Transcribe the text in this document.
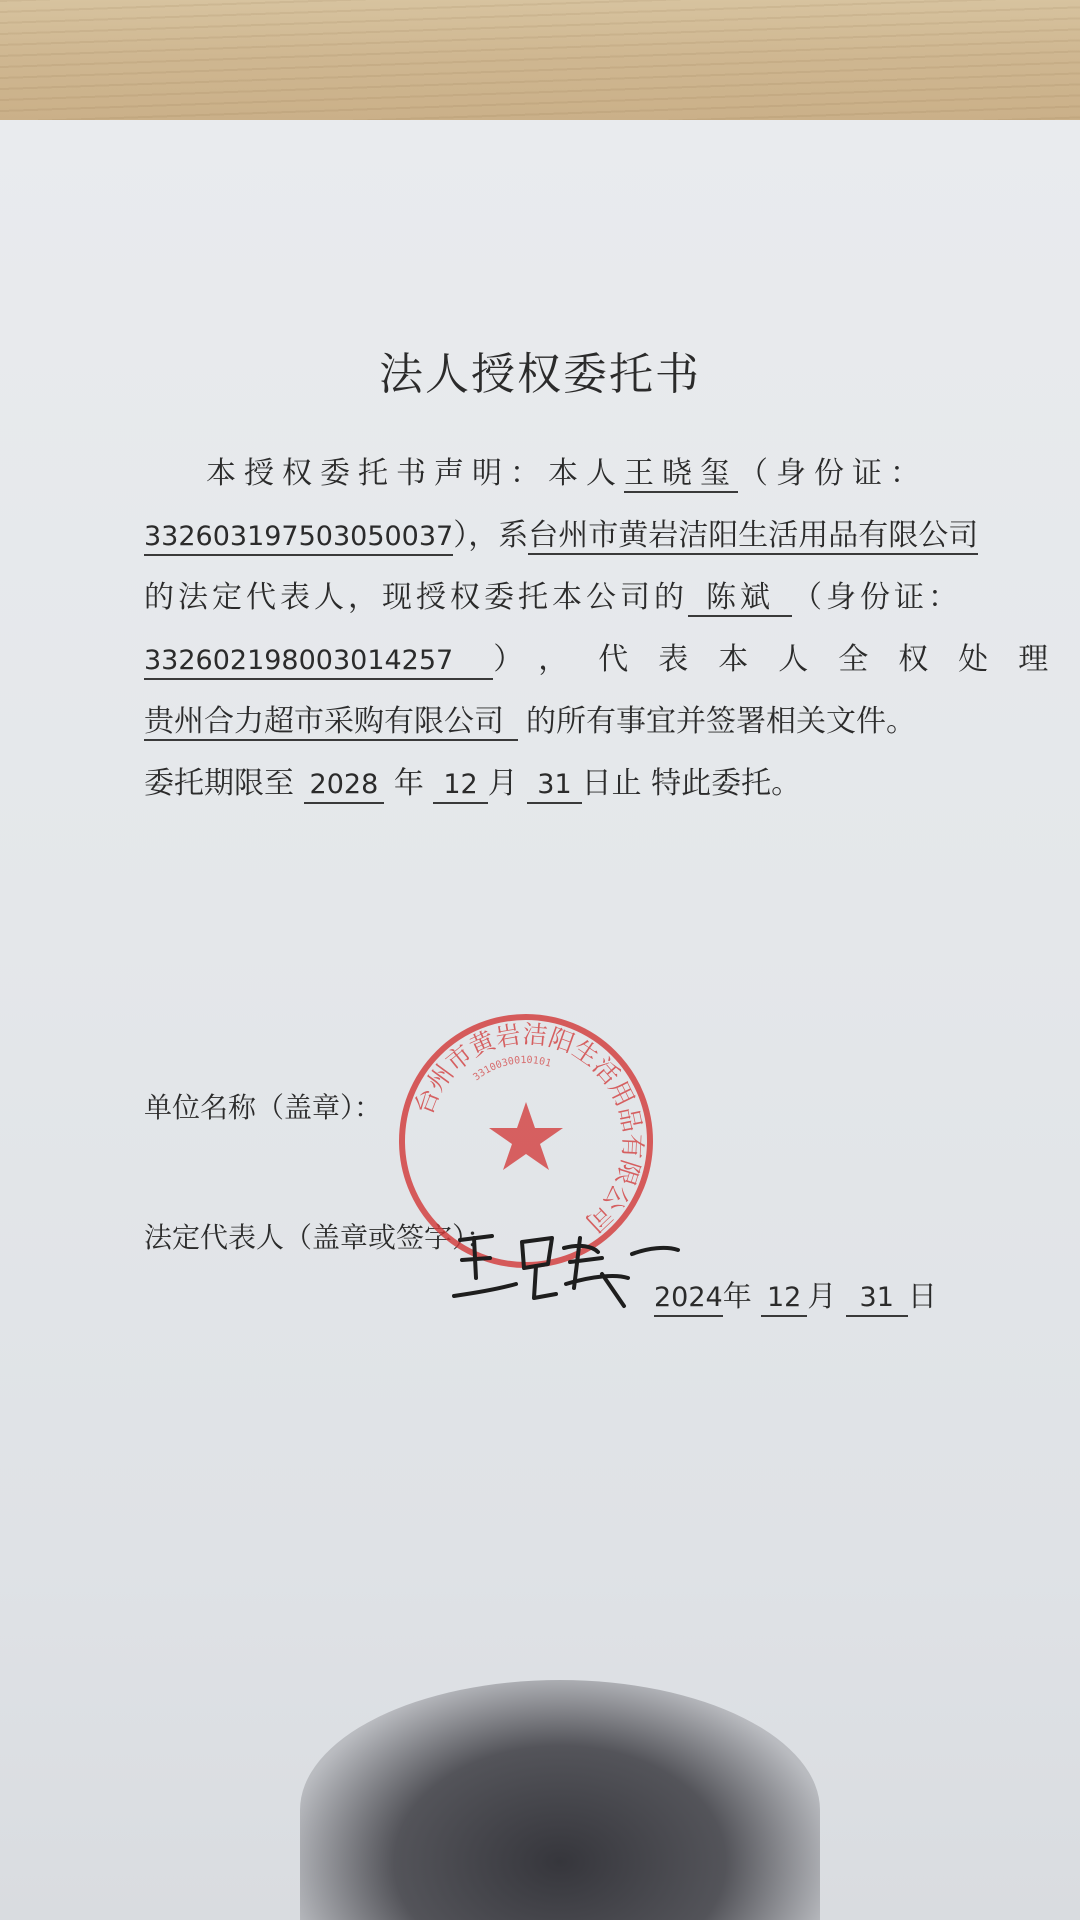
法人授权委托书
本授权委托书声明：本人王晓玺（身份证：
332603197503050037），系台州市黄岩洁阳生活用品有限公司
的法定代表人，现授权委托本公司的 陈斌 （身份证：
332602198003014257 ），代表本人全权处理
贵州合力超市采购有限公司 的所有事宜并签署相关文件。
委托期限至 2028 年 12 月 31 日止 特此委托。
单位名称（盖章）：
法定代表人（盖章或签字）：
台州市黄岩洁阳生活用品有限公司
3310030010101
2024年 12 月 31 日
